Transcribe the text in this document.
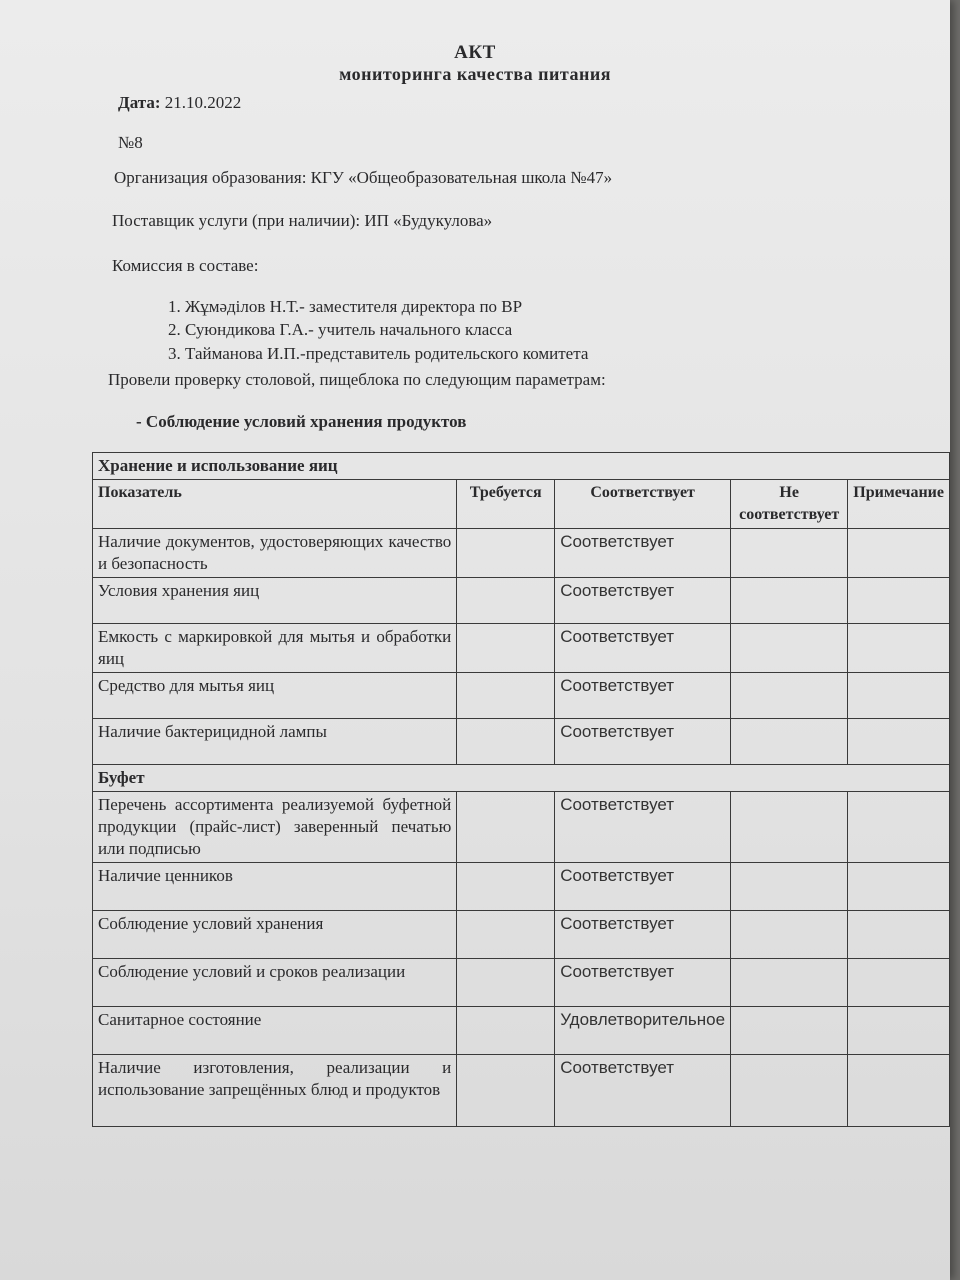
АКТ
мониторинга качества питания
Дата: 21.10.2022
№8
Организация образования: КГУ «Общеобразовательная школа №47»
Поставщик услуги (при наличии): ИП «Будукулова»
Комиссия в составе:
1. Жұмәділов Н.Т.- заместителя директора по ВР
2. Суюндикова Г.А.- учитель начального класса
3. Тайманова И.П.-представитель родительского комитета
Провели проверку столовой, пищеблока по следующим параметрам:
- Соблюдение условий хранения продуктов
Хранение и использование яиц				
Показатель	Требуется	Соответствует	Не соответствует	Примечание
Наличие документов, удостоверяющих качество и безопасность		Соответствует		
Условия хранения яиц		Соответствует		
Емкость с маркировкой для мытья и обработки яиц		Соответствует		
Средство для мытья яиц		Соответствует		
Наличие бактерицидной лампы		Соответствует		
Буфет				
Перечень ассортимента реализуемой буфетной продукции (прайс-лист) заверенный печатью или подписью		Соответствует		
Наличие ценников		Соответствует		
Соблюдение условий хранения		Соответствует		
Соблюдение условий и сроков реализации		Соответствует		
Санитарное состояние		Удовлетворительное		
Наличие изготовления, реализации и использование запрещённых блюд и продуктов		Соответствует		
